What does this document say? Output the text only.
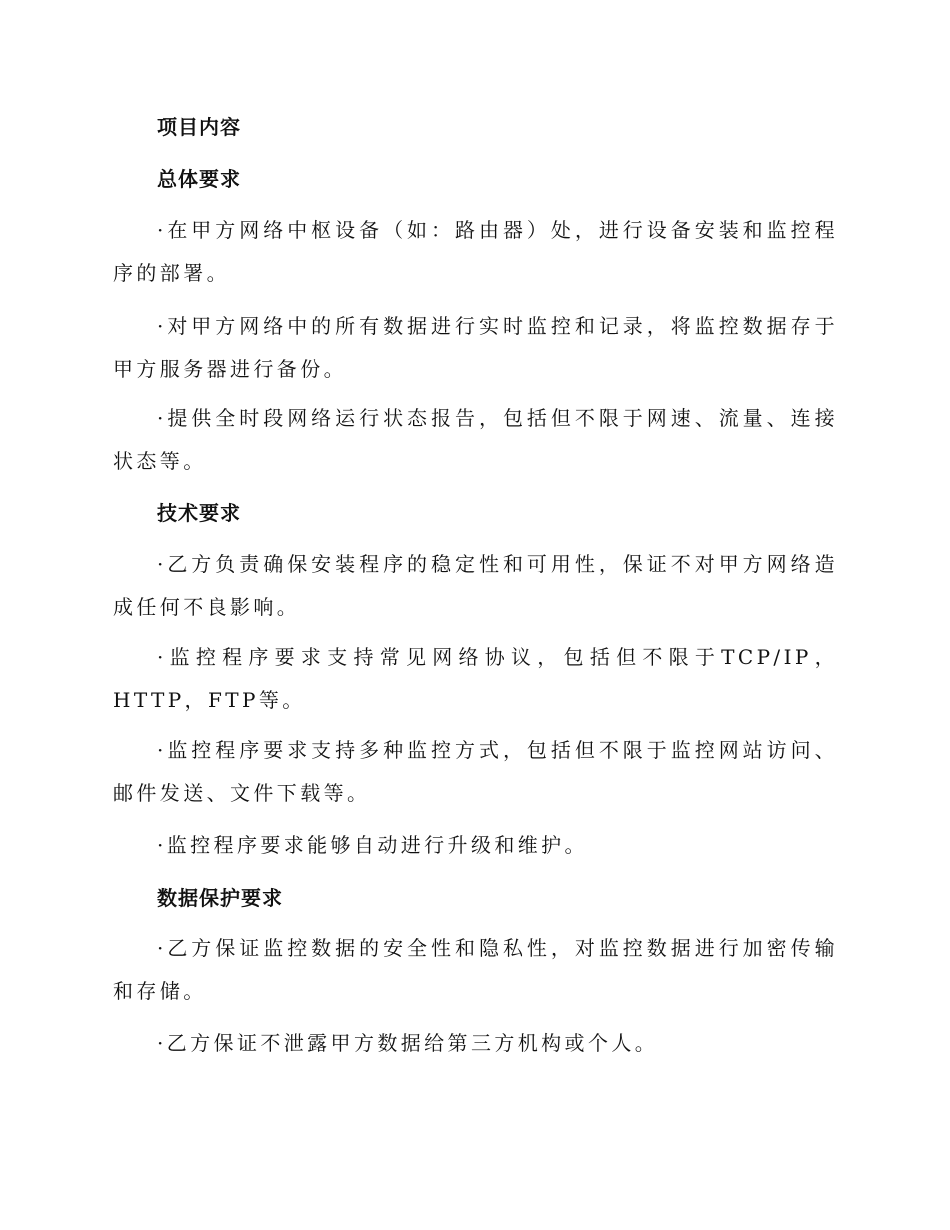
项目内容
总体要求
·在甲方网络中枢设备（如：路由器）处，进行设备安装和监控程序的部署。
·对甲方网络中的所有数据进行实时监控和记录，将监控数据存于甲方服务器进行备份。
·提供全时段网络运行状态报告，包括但不限于网速、流量、连接状态等。
技术要求
·乙方负责确保安装程序的稳定性和可用性，保证不对甲方网络造成任何不良影响。
·监控程序要求支持常见网络协议，包括但不限于TCP/IP，HTTP，FTP等。
·监控程序要求支持多种监控方式，包括但不限于监控网站访问、邮件发送、文件下载等。
·监控程序要求能够自动进行升级和维护。
数据保护要求
·乙方保证监控数据的安全性和隐私性，对监控数据进行加密传输和存储。
·乙方保证不泄露甲方数据给第三方机构或个人。
